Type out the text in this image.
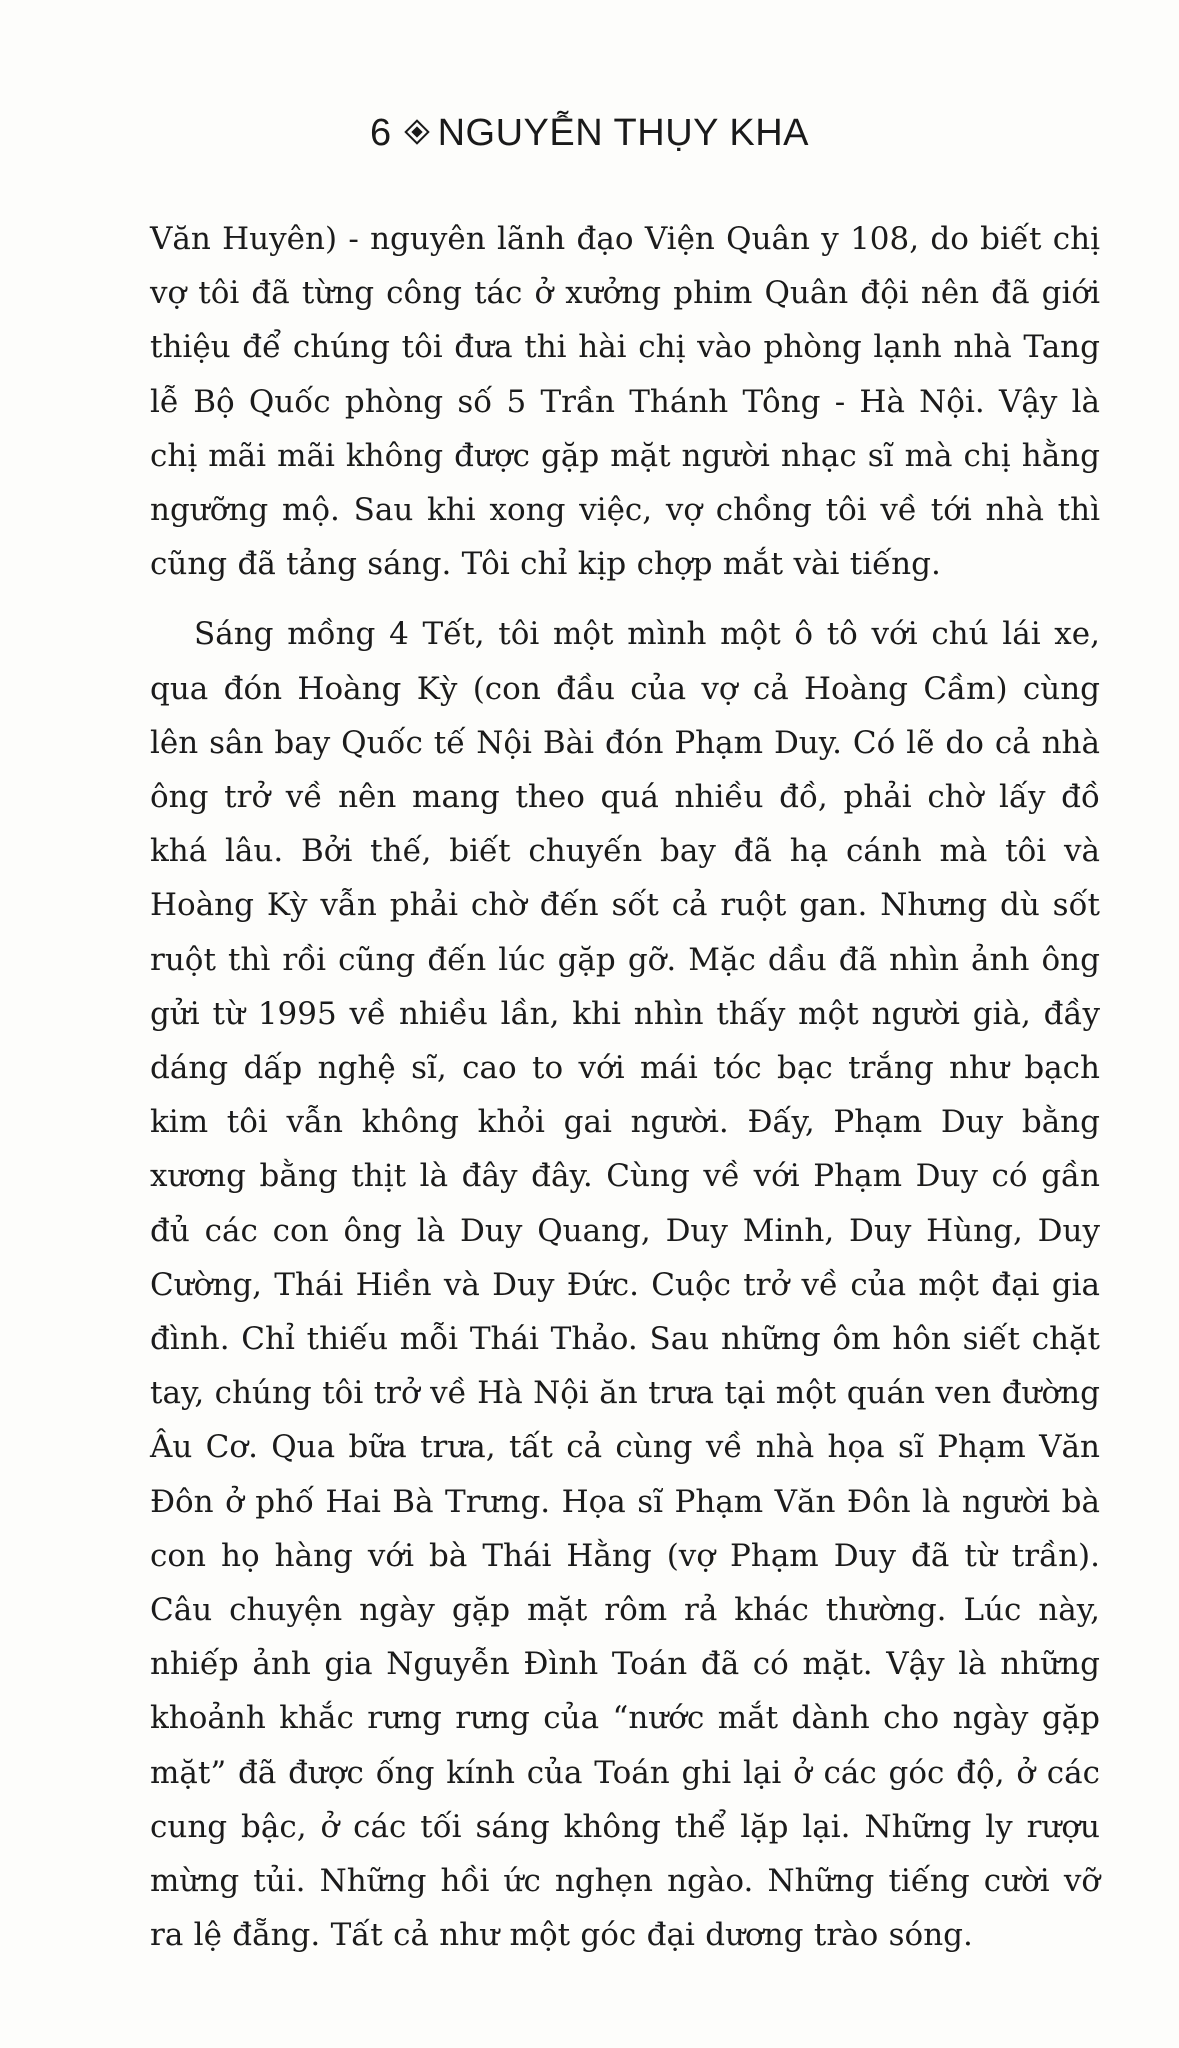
6 NGUYỄN THỤY KHA

Văn Huyên) - nguyên lãnh đạo Viện Quân y 108, do biết chị vợ tôi đã từng công tác ở xưởng phim Quân đội nên đã giới thiệu để chúng tôi đưa thi hài chị vào phòng lạnh nhà Tang lễ Bộ Quốc phòng số 5 Trần Thánh Tông - Hà Nội. Vậy là chị mãi mãi không được gặp mặt người nhạc sĩ mà chị hằng ngưỡng mộ. Sau khi xong việc, vợ chồng tôi về tới nhà thì cũng đã tảng sáng. Tôi chỉ kịp chợp mắt vài tiếng.

Sáng mồng 4 Tết, tôi một mình một ô tô với chú lái xe, qua đón Hoàng Kỳ (con đầu của vợ cả Hoàng Cầm) cùng lên sân bay Quốc tế Nội Bài đón Phạm Duy. Có lẽ do cả nhà ông trở về nên mang theo quá nhiều đồ, phải chờ lấy đồ khá lâu. Bởi thế, biết chuyến bay đã hạ cánh mà tôi và Hoàng Kỳ vẫn phải chờ đến sốt cả ruột gan. Nhưng dù sốt ruột thì rồi cũng đến lúc gặp gỡ. Mặc dầu đã nhìn ảnh ông gửi từ 1995 về nhiều lần, khi nhìn thấy một người già, đầy dáng dấp nghệ sĩ, cao to với mái tóc bạc trắng như bạch kim tôi vẫn không khỏi gai người. Đấy, Phạm Duy bằng xương bằng thịt là đây đây. Cùng về với Phạm Duy có gần đủ các con ông là Duy Quang, Duy Minh, Duy Hùng, Duy Cường, Thái Hiền và Duy Đức. Cuộc trở về của một đại gia đình. Chỉ thiếu mỗi Thái Thảo. Sau những ôm hôn siết chặt tay, chúng tôi trở về Hà Nội ăn trưa tại một quán ven đường Âu Cơ. Qua bữa trưa, tất cả cùng về nhà họa sĩ Phạm Văn Đôn ở phố Hai Bà Trưng. Họa sĩ Phạm Văn Đôn là người bà con họ hàng với bà Thái Hằng (vợ Phạm Duy đã từ trần). Câu chuyện ngày gặp mặt rôm rả khác thường. Lúc này, nhiếp ảnh gia Nguyễn Đình Toán đã có mặt. Vậy là những khoảnh khắc rưng rưng của “nước mắt dành cho ngày gặp mặt” đã được ống kính của Toán ghi lại ở các góc độ, ở các cung bậc, ở các tối sáng không thể lặp lại. Những ly rượu mừng tủi. Những hồi ức nghẹn ngào. Những tiếng cười vỡ ra lệ đẵng. Tất cả như một góc đại dương trào sóng.
